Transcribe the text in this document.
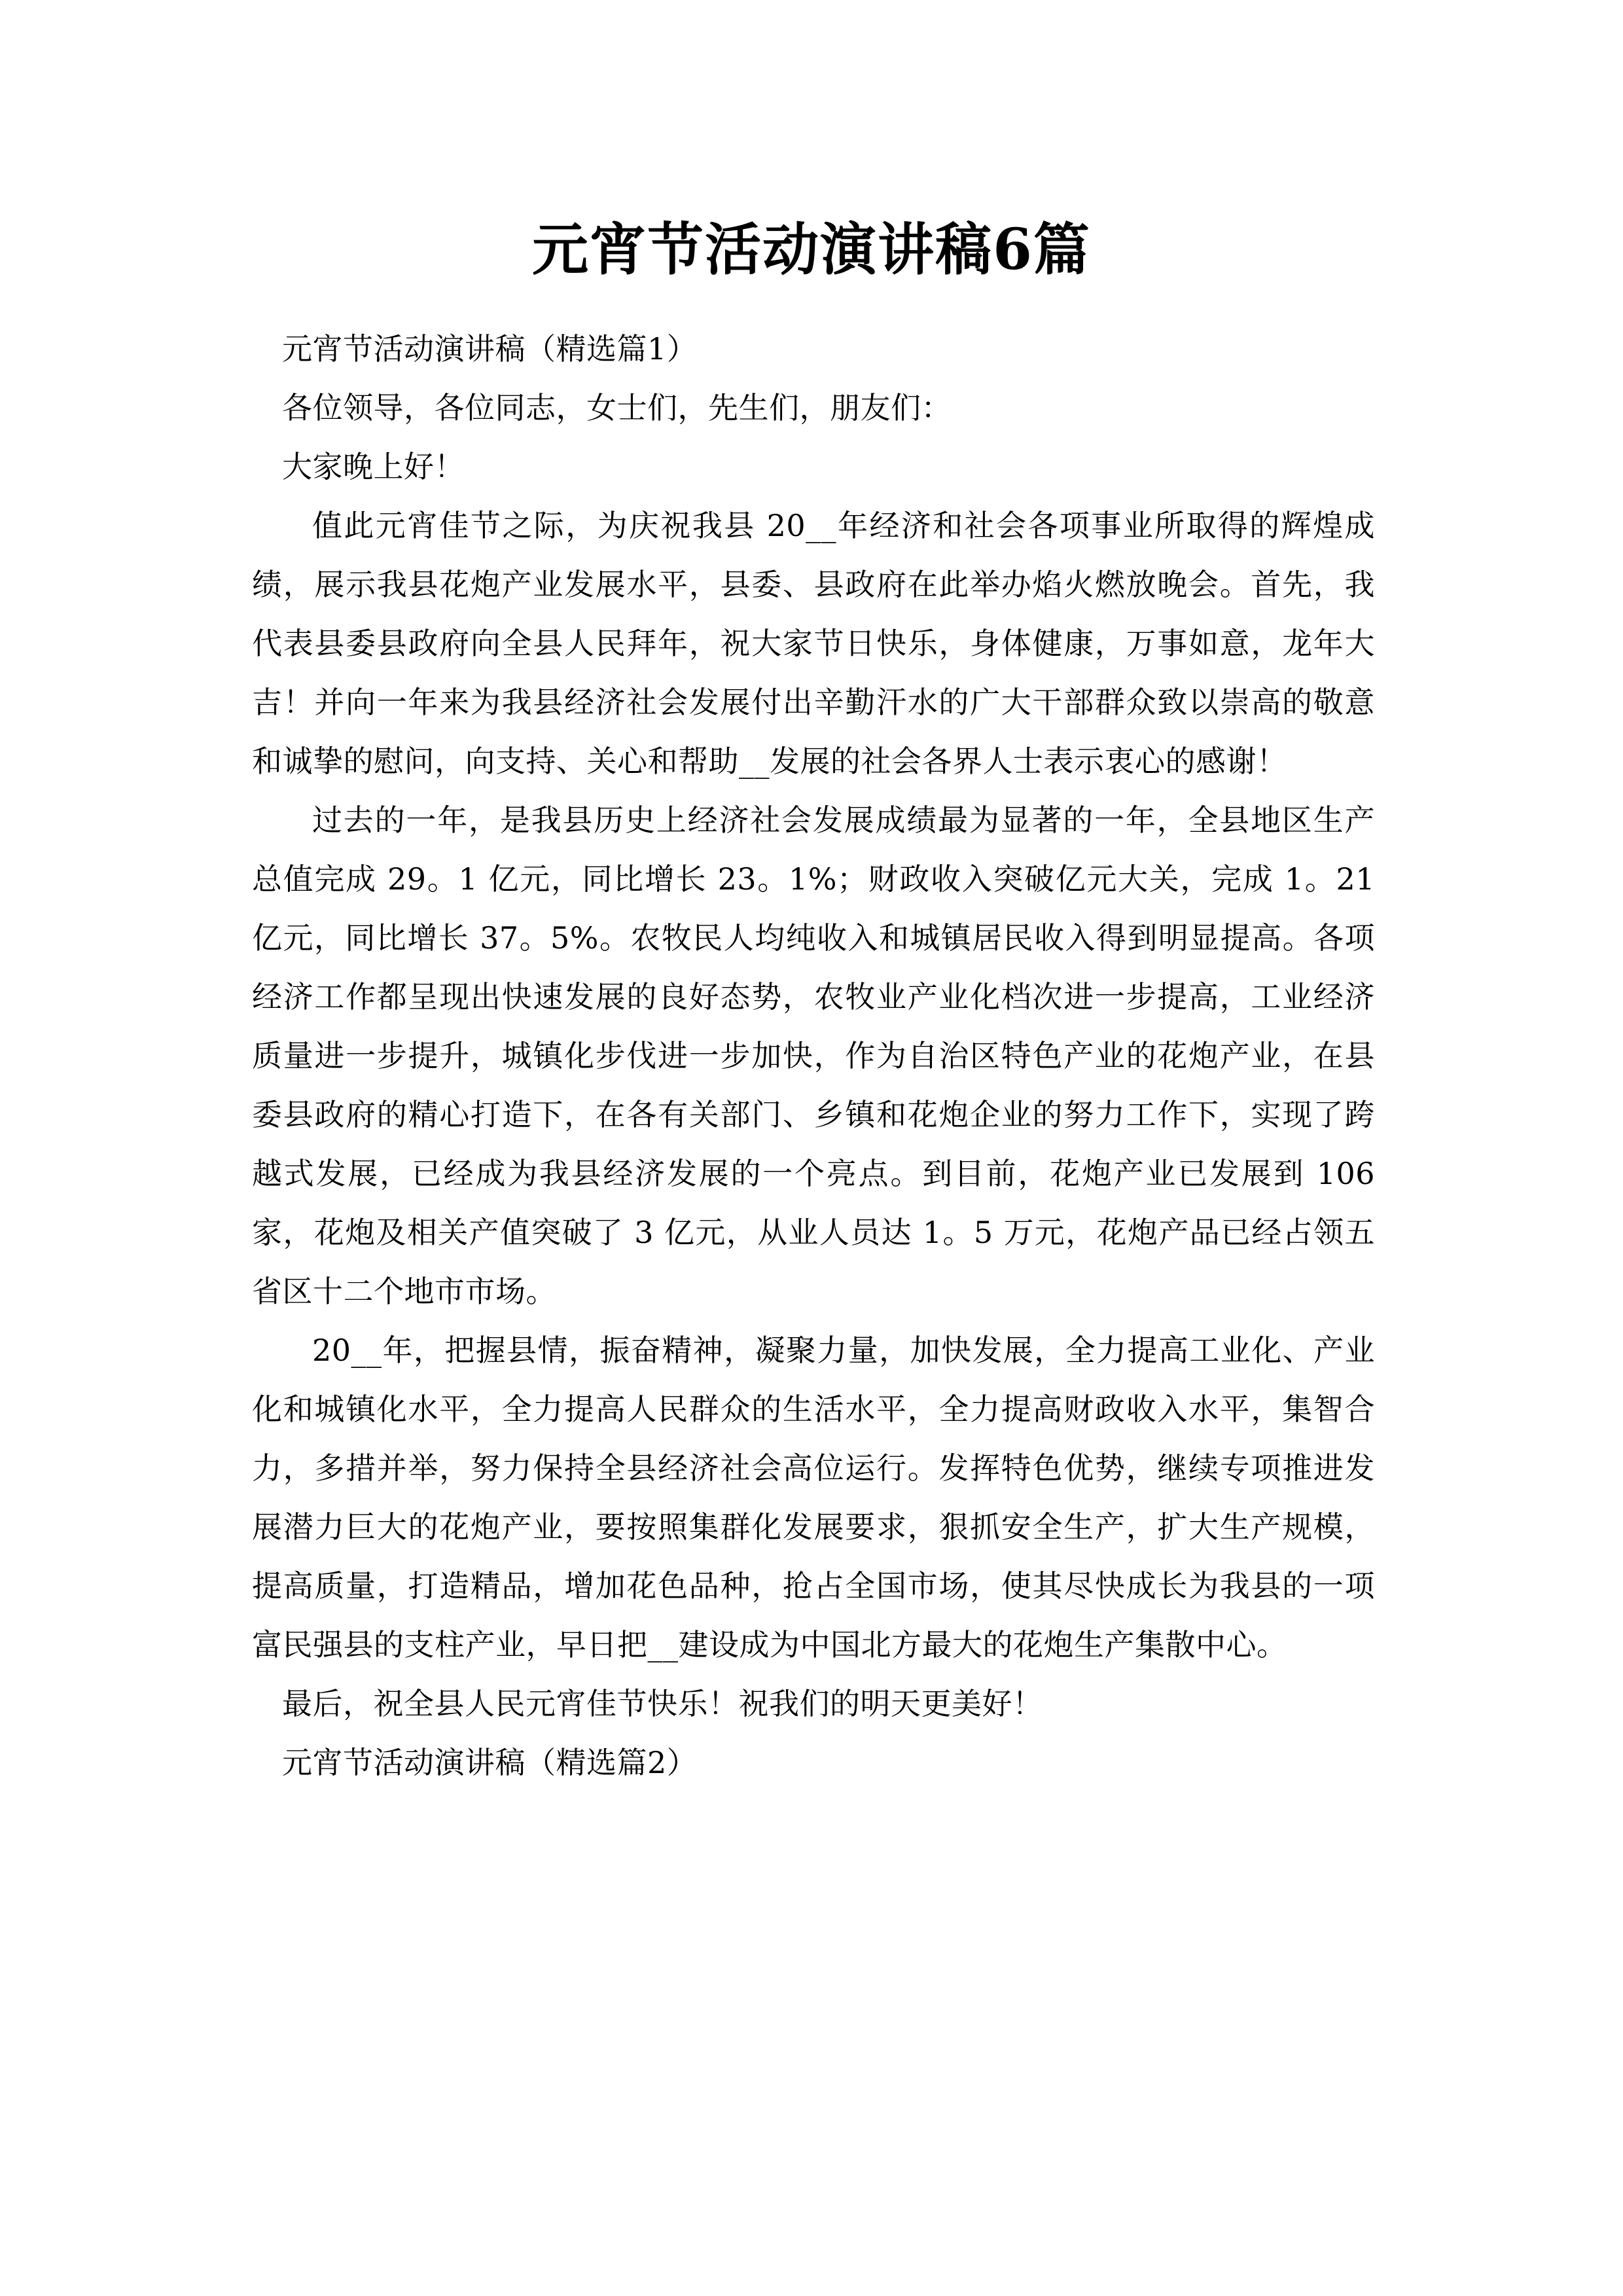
元宵节活动演讲稿6篇

元宵节活动演讲稿（精选篇1）

各位领导，各位同志，女士们，先生们，朋友们：

大家晚上好！

值此元宵佳节之际，为庆祝我县 20__年经济和社会各项事业所取得的辉煌成绩，展示我县花炮产业发展水平，县委、县政府在此举办焰火燃放晚会。首先，我代表县委县政府向全县人民拜年，祝大家节日快乐，身体健康，万事如意，龙年大吉！并向一年来为我县经济社会发展付出辛勤汗水的广大干部群众致以崇高的敬意和诚挚的慰问，向支持、关心和帮助__发展的社会各界人士表示衷心的感谢！

过去的一年，是我县历史上经济社会发展成绩最为显著的一年，全县地区生产总值完成 29。1 亿元，同比增长 23。1%；财政收入突破亿元大关，完成 1。21 亿元，同比增长 37。5%。农牧民人均纯收入和城镇居民收入得到明显提高。各项经济工作都呈现出快速发展的良好态势，农牧业产业化档次进一步提高，工业经济质量进一步提升，城镇化步伐进一步加快，作为自治区特色产业的花炮产业，在县委县政府的精心打造下，在各有关部门、乡镇和花炮企业的努力工作下，实现了跨越式发展，已经成为我县经济发展的一个亮点。到目前，花炮产业已发展到 106 家，花炮及相关产值突破了 3 亿元，从业人员达 1。5 万元，花炮产品已经占领五省区十二个地市市场。

20__年，把握县情，振奋精神，凝聚力量，加快发展，全力提高工业化、产业化和城镇化水平，全力提高人民群众的生活水平，全力提高财政收入水平，集智合力，多措并举，努力保持全县经济社会高位运行。发挥特色优势，继续专项推进发展潜力巨大的花炮产业，要按照集群化发展要求，狠抓安全生产，扩大生产规模，提高质量，打造精品，增加花色品种，抢占全国市场，使其尽快成长为我县的一项富民强县的支柱产业，早日把__建设成为中国北方最大的花炮生产集散中心。

最后，祝全县人民元宵佳节快乐！祝我们的明天更美好！

元宵节活动演讲稿（精选篇2）
